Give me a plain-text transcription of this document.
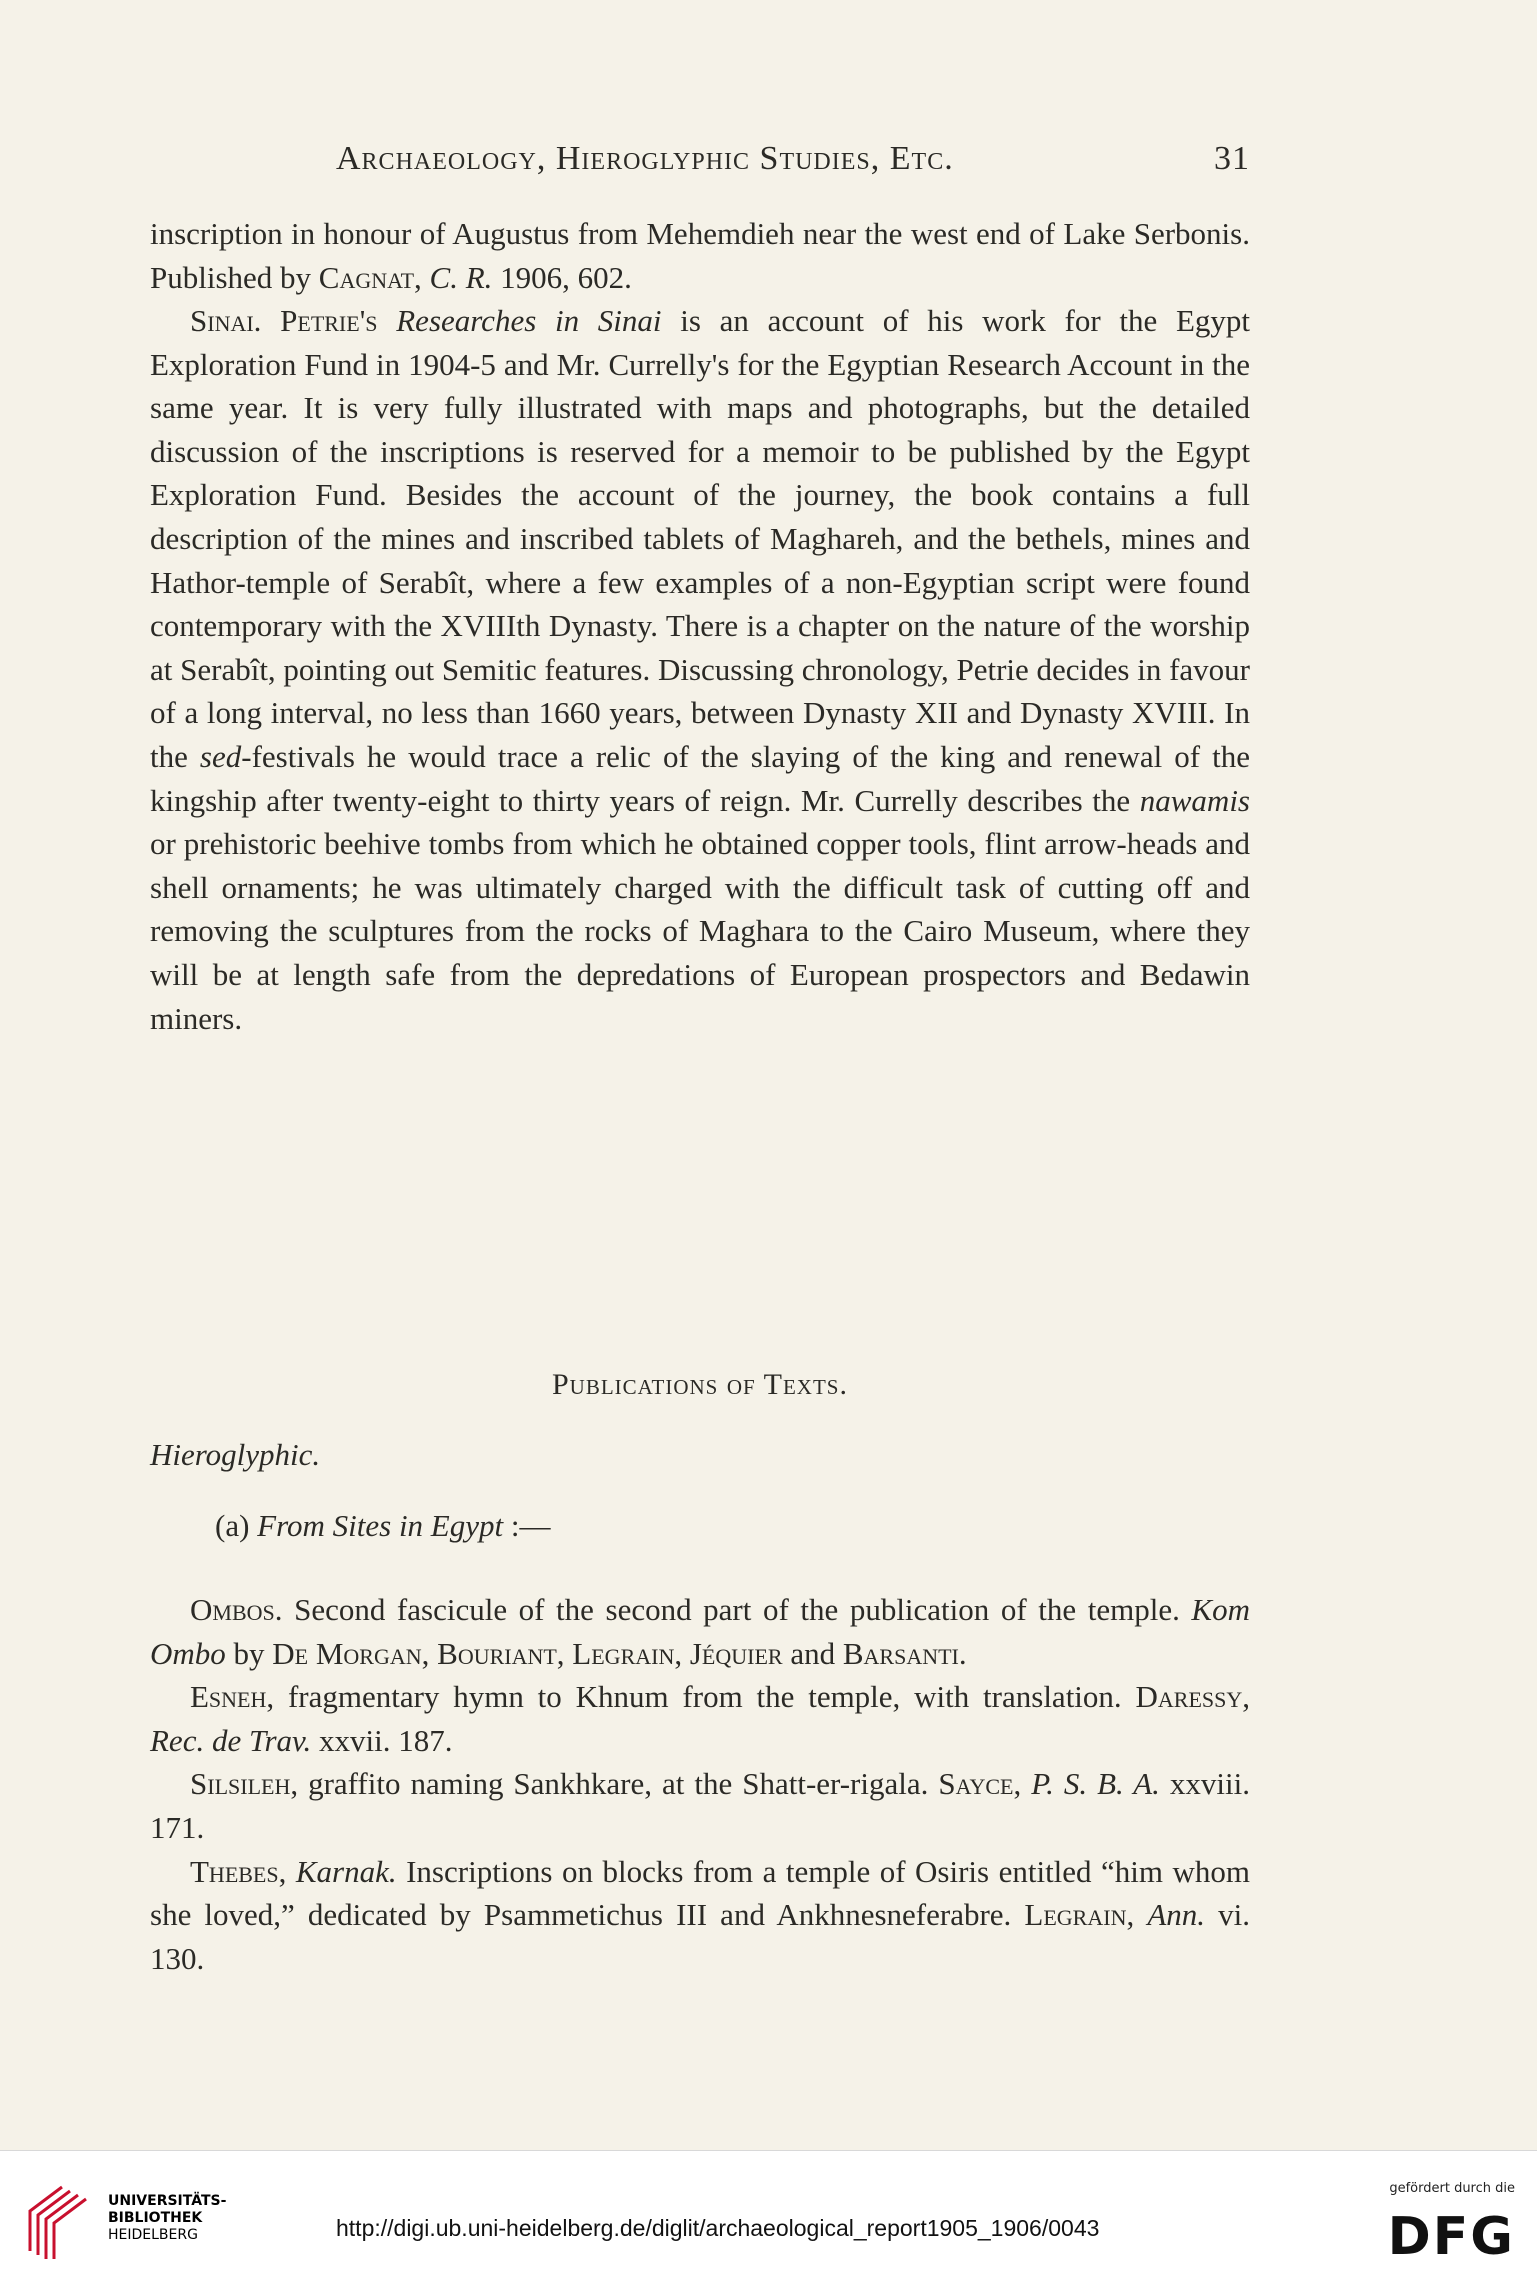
Archaeology, Hieroglyphic Studies, Etc.	31

inscription in honour of Augustus from Mehemdieh near the west end of Lake Serbonis. Published by Cagnat, C. R. 1906, 602.

Sinai. Petrie's Researches in Sinai is an account of his work for the Egypt Exploration Fund in 1904-5 and Mr. Currelly's for the Egyptian Research Account in the same year. It is very fully illustrated with maps and photographs, but the detailed discussion of the inscriptions is reserved for a memoir to be published by the Egypt Exploration Fund. Besides the account of the journey, the book contains a full description of the mines and inscribed tablets of Maghareh, and the bethels, mines and Hathor-temple of Serabît, where a few examples of a non-Egyptian script were found contemporary with the XVIIIth Dynasty. There is a chapter on the nature of the worship at Serabît, pointing out Semitic features. Discussing chronology, Petrie decides in favour of a long interval, no less than 1660 years, between Dynasty XII and Dynasty XVIII. In the sed-festivals he would trace a relic of the slaying of the king and renewal of the kingship after twenty-eight to thirty years of reign. Mr. Currelly describes the nawamis or prehistoric beehive tombs from which he obtained copper tools, flint arrow-heads and shell ornaments; he was ultimately charged with the difficult task of cutting off and removing the sculptures from the rocks of Maghara to the Cairo Museum, where they will be at length safe from the depredations of European prospectors and Bedawin miners.

Publications of Texts.
Hieroglyphic.
(a) From Sites in Egypt :—

Ombos. Second fascicule of the second part of the publication of the temple. Kom Ombo by De Morgan, Bouriant, Legrain, Jéquier and Barsanti.

Esneh, fragmentary hymn to Khnum from the temple, with translation. Daressy, Rec. de Trav. xxvii. 187.

Silsileh, graffito naming Sankhkare, at the Shatt-er-rigala. Sayce, P. S. B. A. xxviii. 171.

Thebes, Karnak. Inscriptions on blocks from a temple of Osiris entitled “him whom she loved,” dedicated by Psammetichus III and Ankhnesneferabre. Legrain, Ann. vi. 130.

UNIVERSITÄTS-
BIBLIOTHEK
HEIDELBERG	http://digi.ub.uni-heidelberg.de/diglit/archaeological_report1905_1906/0043
gefördert durch die
DFG
